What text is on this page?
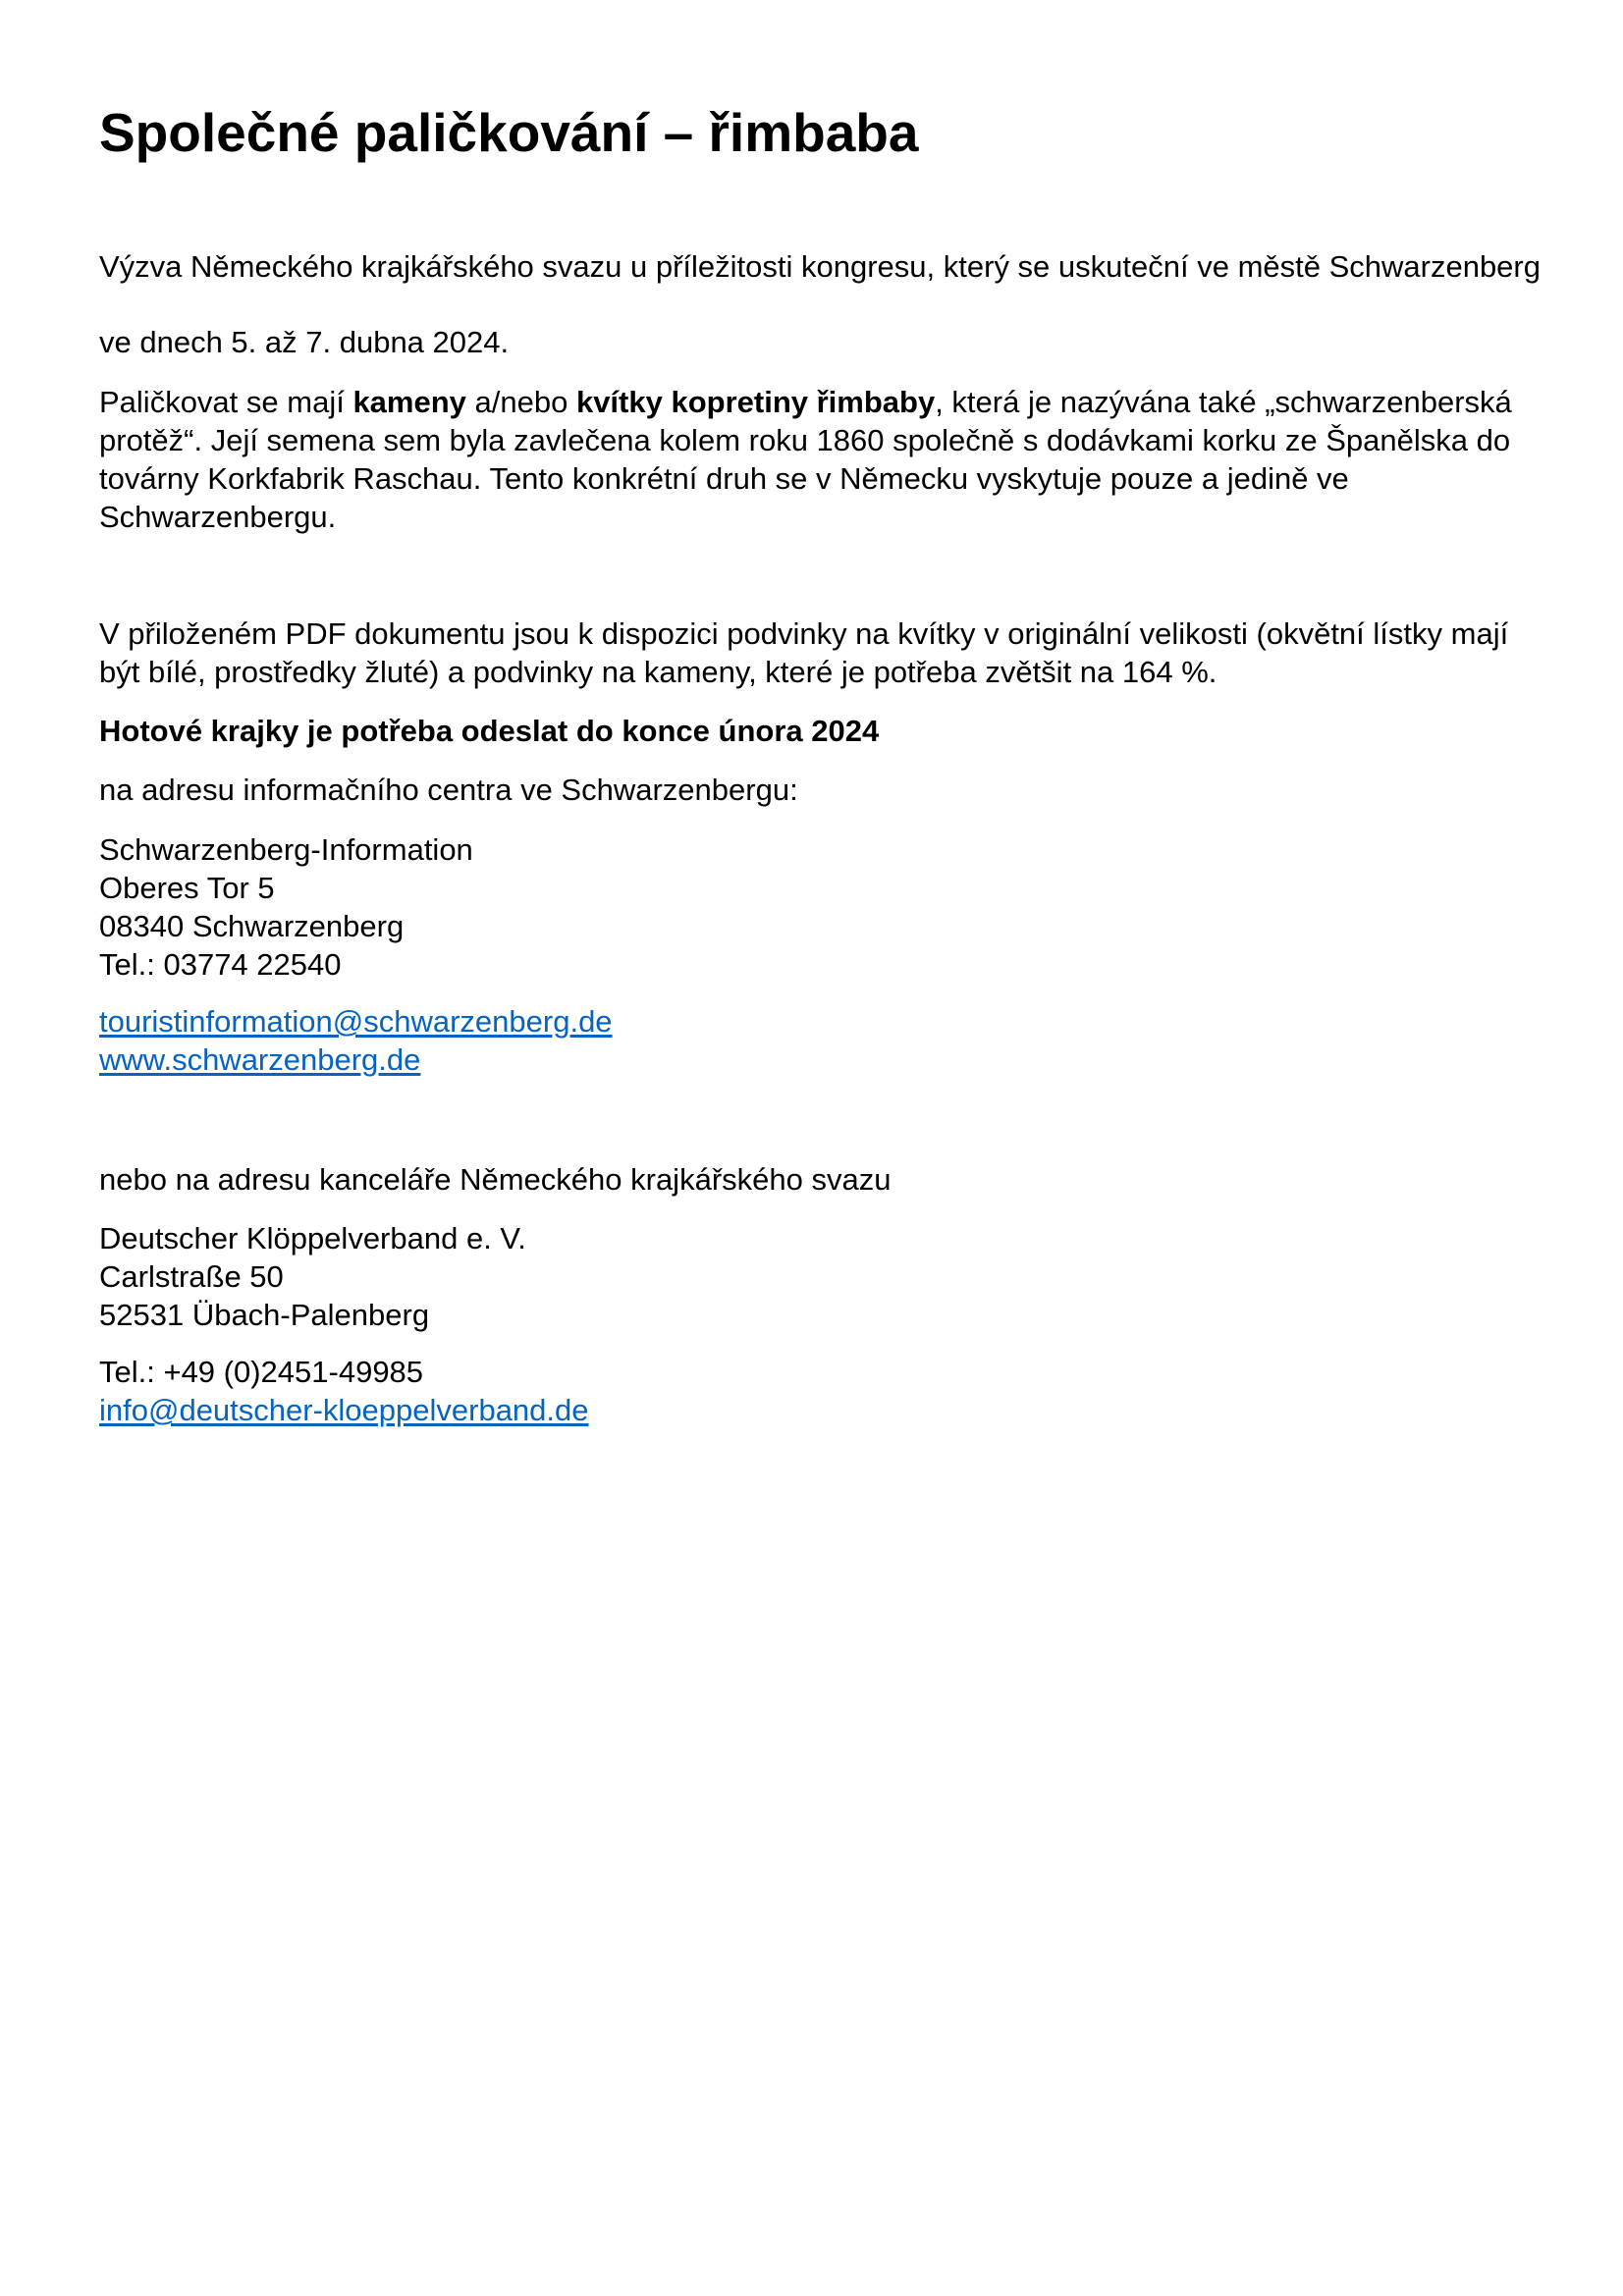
Společné paličkování – řimbaba

Výzva Německého krajkářského svazu u příležitosti kongresu, který se uskuteční ve městě Schwarzenberg

ve dnech 5. až 7. dubna 2024.

Paličkovat se mají kameny a/nebo kvítky kopretiny řimbaby, která je nazývána také „schwarzenberská protěž“. Její semena sem byla zavlečena kolem roku 1860 společně s dodávkami korku ze Španělska do továrny Korkfabrik Raschau. Tento konkrétní druh se v Německu vyskytuje pouze a jedině ve Schwarzenbergu.

V přiloženém PDF dokumentu jsou k dispozici podvinky na kvítky v originální velikosti (okvětní lístky mají být bílé, prostředky žluté) a podvinky na kameny, které je potřeba zvětšit na 164 %.

Hotové krajky je potřeba odeslat do konce února 2024

na adresu informačního centra ve Schwarzenbergu:

Schwarzenberg-Information
Oberes Tor 5
08340 Schwarzenberg
Tel.: 03774 22540

touristinformation@schwarzenberg.de
www.schwarzenberg.de

nebo na adresu kanceláře Německého krajkářského svazu

Deutscher Klöppelverband e. V.
Carlstraße 50
52531 Übach-Palenberg

Tel.: +49 (0)2451-49985
info@deutscher-kloeppelverband.de
